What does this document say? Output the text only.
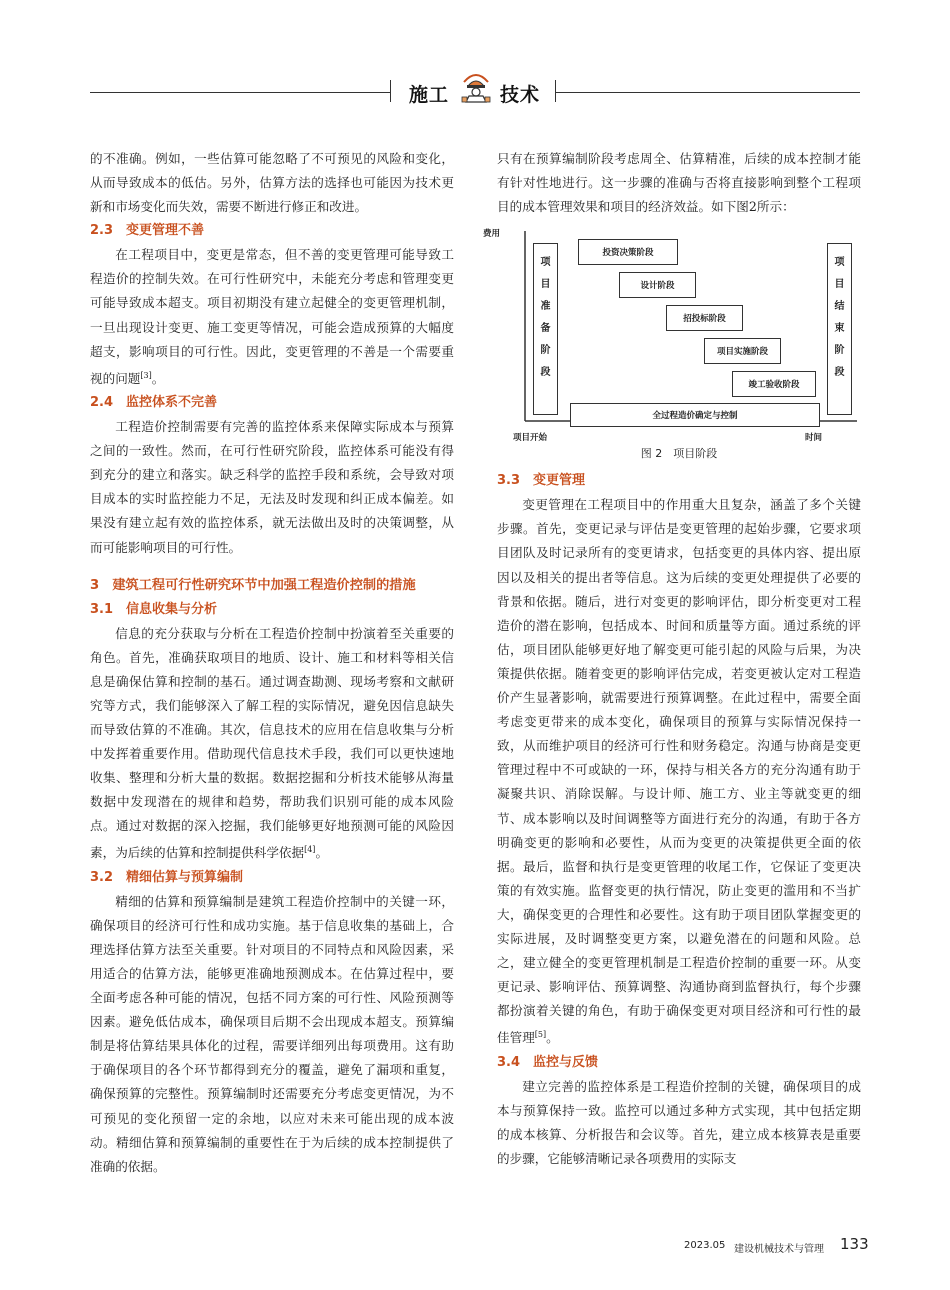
施工	技术

的不准确。例如，一些估算可能忽略了不可预见的风险和变化，从而导致成本的低估。另外，估算方法的选择也可能因为技术更新和市场变化而失效，需要不断进行修正和改进。

2.3　变更管理不善

在工程项目中，变更是常态，但不善的变更管理可能导致工程造价的控制失效。在可行性研究中，未能充分考虑和管理变更可能导致成本超支。项目初期没有建立起健全的变更管理机制，一旦出现设计变更、施工变更等情况，可能会造成预算的大幅度超支，影响项目的可行性。因此，变更管理的不善是一个需要重视的问题[3]。

2.4　监控体系不完善

工程造价控制需要有完善的监控体系来保障实际成本与预算之间的一致性。然而，在可行性研究阶段，监控体系可能没有得到充分的建立和落实。缺乏科学的监控手段和系统，会导致对项目成本的实时监控能力不足，无法及时发现和纠正成本偏差。如果没有建立起有效的监控体系，就无法做出及时的决策调整，从而可能影响项目的可行性。

3　建筑工程可行性研究环节中加强工程造价控制的措施
3.1　信息收集与分析

信息的充分获取与分析在工程造价控制中扮演着至关重要的角色。首先，准确获取项目的地质、设计、施工和材料等相关信息是确保估算和控制的基石。通过调查勘测、现场考察和文献研究等方式，我们能够深入了解工程的实际情况，避免因信息缺失而导致估算的不准确。其次，信息技术的应用在信息收集与分析中发挥着重要作用。借助现代信息技术手段，我们可以更快速地收集、整理和分析大量的数据。数据挖掘和分析技术能够从海量数据中发现潜在的规律和趋势，帮助我们识别可能的成本风险点。通过对数据的深入挖掘，我们能够更好地预测可能的风险因素，为后续的估算和控制提供科学依据[4]。

3.2　精细估算与预算编制

精细的估算和预算编制是建筑工程造价控制中的关键一环，确保项目的经济可行性和成功实施。基于信息收集的基础上，合理选择估算方法至关重要。针对项目的不同特点和风险因素，采用适合的估算方法，能够更准确地预测成本。在估算过程中，要全面考虑各种可能的情况，包括不同方案的可行性、风险预测等因素。避免低估成本，确保项目后期不会出现成本超支。预算编制是将估算结果具体化的过程，需要详细列出每项费用。这有助于确保项目的各个环节都得到充分的覆盖，避免了漏项和重复，确保预算的完整性。预算编制时还需要充分考虑变更情况，为不可预见的变化预留一定的余地，以应对未来可能出现的成本波动。精细估算和预算编制的重要性在于为后续的成本控制提供了准确的依据。

只有在预算编制阶段考虑周全、估算精准，后续的成本控制才能有针对性地进行。这一步骤的准确与否将直接影响到整个工程项目的成本管理效果和项目的经济效益。如下图2所示：

费用
项目准备阶段
项目结束阶段
投资决策阶段
设计阶段
招投标阶段
项目实施阶段
竣工验收阶段
全过程造价确定与控制
项目开始	时间
图 2　项目阶段
3.3　变更管理

变更管理在工程项目中的作用重大且复杂，涵盖了多个关键步骤。首先，变更记录与评估是变更管理的起始步骤，它要求项目团队及时记录所有的变更请求，包括变更的具体内容、提出原因以及相关的提出者等信息。这为后续的变更处理提供了必要的背景和依据。随后，进行对变更的影响评估，即分析变更对工程造价的潜在影响，包括成本、时间和质量等方面。通过系统的评估，项目团队能够更好地了解变更可能引起的风险与后果，为决策提供依据。随着变更的影响评估完成，若变更被认定对工程造价产生显著影响，就需要进行预算调整。在此过程中，需要全面考虑变更带来的成本变化，确保项目的预算与实际情况保持一致，从而维护项目的经济可行性和财务稳定。沟通与协商是变更管理过程中不可或缺的一环，保持与相关各方的充分沟通有助于凝聚共识、消除误解。与设计师、施工方、业主等就变更的细节、成本影响以及时间调整等方面进行充分的沟通，有助于各方明确变更的影响和必要性，从而为变更的决策提供更全面的依据。最后，监督和执行是变更管理的收尾工作，它保证了变更决策的有效实施。监督变更的执行情况，防止变更的滥用和不当扩大，确保变更的合理性和必要性。这有助于项目团队掌握变更的实际进展，及时调整变更方案，以避免潜在的问题和风险。总之，建立健全的变更管理机制是工程造价控制的重要一环。从变更记录、影响评估、预算调整、沟通协商到监督执行，每个步骤都扮演着关键的角色，有助于确保变更对项目经济和可行性的最佳管理[5]。

3.4　监控与反馈

建立完善的监控体系是工程造价控制的关键，确保项目的成本与预算保持一致。监控可以通过多种方式实现，其中包括定期的成本核算、分析报告和会议等。首先，建立成本核算表是重要的步骤，它能够清晰记录各项费用的实际支

2023.05 建设机械技术与管理 133
